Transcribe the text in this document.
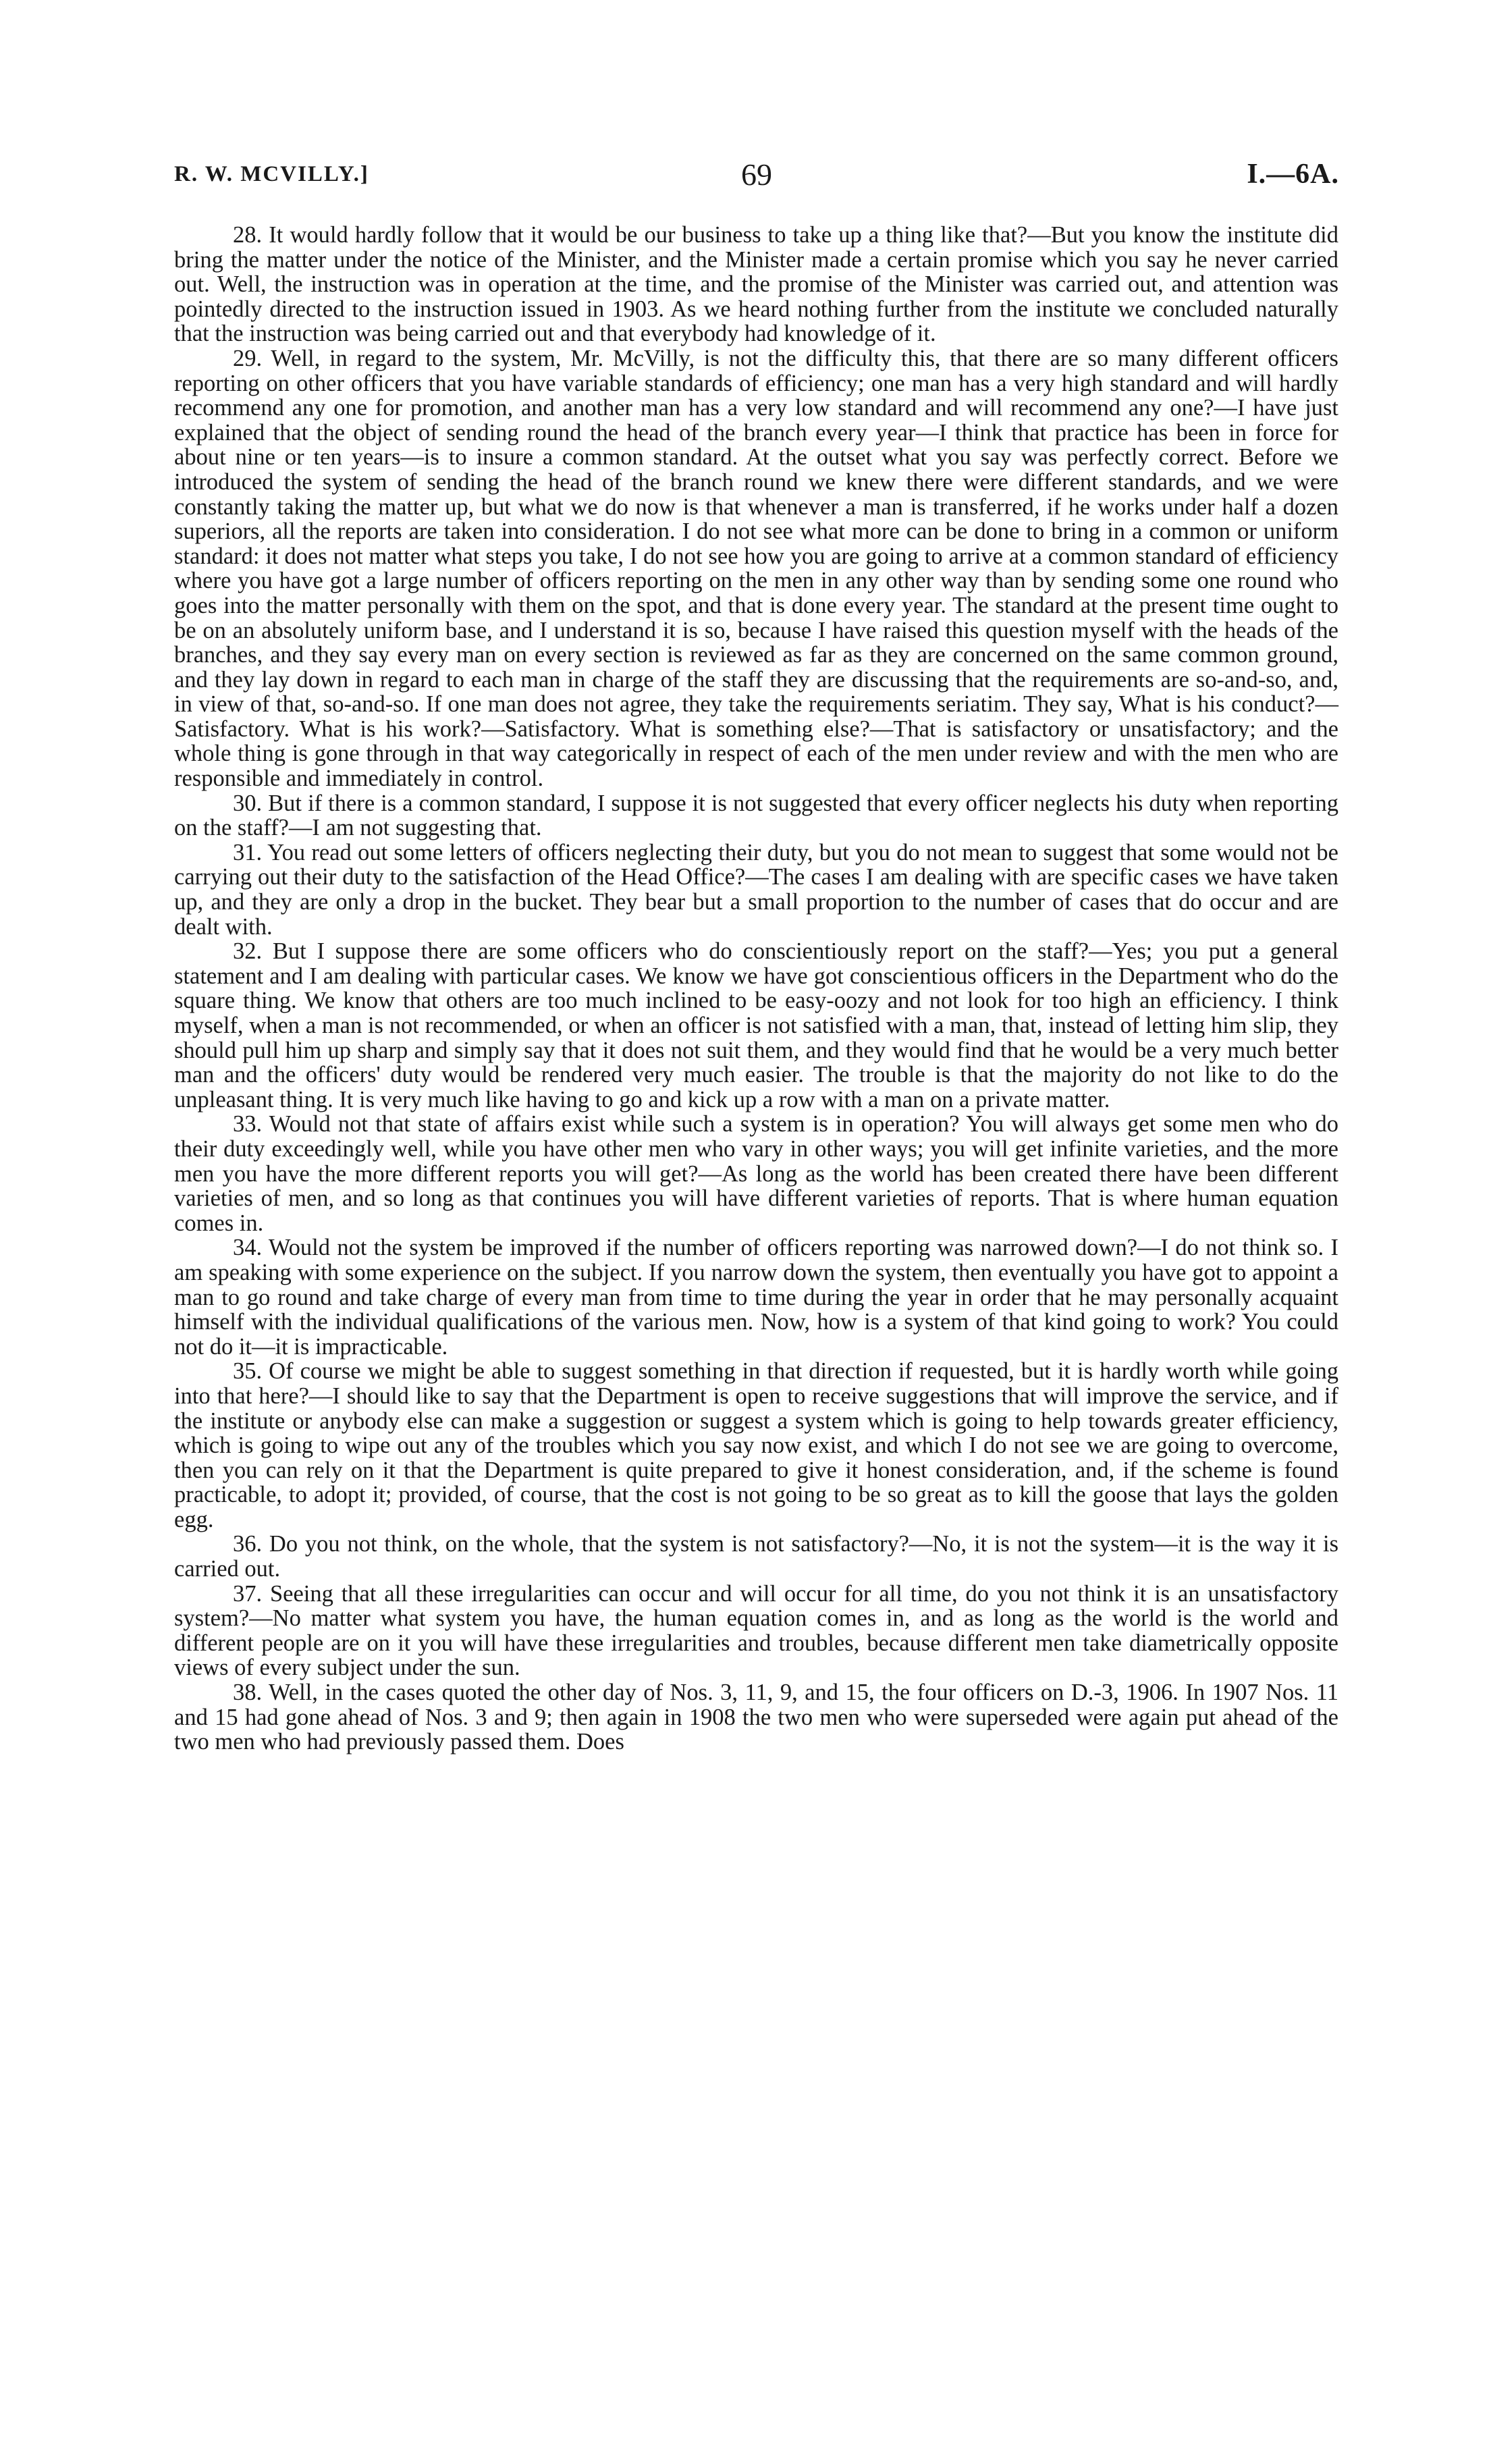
R. W. MCVILLY.]	69	I.—6A.

28. It would hardly follow that it would be our business to take up a thing like that?—But you know the institute did bring the matter under the notice of the Minister, and the Minister made a certain promise which you say he never carried out. Well, the instruction was in operation at the time, and the promise of the Minister was carried out, and attention was pointedly directed to the instruction issued in 1903. As we heard nothing further from the institute we concluded naturally that the instruction was being carried out and that everybody had knowledge of it.

29. Well, in regard to the system, Mr. McVilly, is not the difficulty this, that there are so many different officers reporting on other officers that you have variable standards of efficiency; one man has a very high standard and will hardly recommend any one for promotion, and another man has a very low standard and will recommend any one?—I have just explained that the object of sending round the head of the branch every year—I think that practice has been in force for about nine or ten years—is to insure a common standard. At the outset what you say was perfectly correct. Before we introduced the system of sending the head of the branch round we knew there were different standards, and we were constantly taking the matter up, but what we do now is that whenever a man is transferred, if he works under half a dozen superiors, all the reports are taken into consideration. I do not see what more can be done to bring in a common or uniform standard: it does not matter what steps you take, I do not see how you are going to arrive at a common standard of efficiency where you have got a large number of officers reporting on the men in any other way than by sending some one round who goes into the matter personally with them on the spot, and that is done every year. The standard at the present time ought to be on an absolutely uniform base, and I understand it is so, because I have raised this question myself with the heads of the branches, and they say every man on every section is reviewed as far as they are concerned on the same common ground, and they lay down in regard to each man in charge of the staff they are discussing that the requirements are so-and-so, and, in view of that, so-and-so. If one man does not agree, they take the requirements seriatim. They say, What is his conduct?—Satisfactory. What is his work?—Satisfactory. What is something else?—That is satisfactory or unsatisfactory; and the whole thing is gone through in that way categorically in respect of each of the men under review and with the men who are responsible and immediately in control.

30. But if there is a common standard, I suppose it is not suggested that every officer neglects his duty when reporting on the staff?—I am not suggesting that.

31. You read out some letters of officers neglecting their duty, but you do not mean to suggest that some would not be carrying out their duty to the satisfaction of the Head Office?—The cases I am dealing with are specific cases we have taken up, and they are only a drop in the bucket. They bear but a small proportion to the number of cases that do occur and are dealt with.

32. But I suppose there are some officers who do conscientiously report on the staff?—Yes; you put a general statement and I am dealing with particular cases. We know we have got conscientious officers in the Department who do the square thing. We know that others are too much inclined to be easy-oozy and not look for too high an efficiency. I think myself, when a man is not recommended, or when an officer is not satisfied with a man, that, instead of letting him slip, they should pull him up sharp and simply say that it does not suit them, and they would find that he would be a very much better man and the officers' duty would be rendered very much easier. The trouble is that the majority do not like to do the unpleasant thing. It is very much like having to go and kick up a row with a man on a private matter.

33. Would not that state of affairs exist while such a system is in operation? You will always get some men who do their duty exceedingly well, while you have other men who vary in other ways; you will get infinite varieties, and the more men you have the more different reports you will get?—As long as the world has been created there have been different varieties of men, and so long as that continues you will have different varieties of reports. That is where human equation comes in.

34. Would not the system be improved if the number of officers reporting was narrowed down?—I do not think so. I am speaking with some experience on the subject. If you narrow down the system, then eventually you have got to appoint a man to go round and take charge of every man from time to time during the year in order that he may personally acquaint himself with the individual qualifications of the various men. Now, how is a system of that kind going to work? You could not do it—it is impracticable.

35. Of course we might be able to suggest something in that direction if requested, but it is hardly worth while going into that here?—I should like to say that the Department is open to receive suggestions that will improve the service, and if the institute or anybody else can make a suggestion or suggest a system which is going to help towards greater efficiency, which is going to wipe out any of the troubles which you say now exist, and which I do not see we are going to overcome, then you can rely on it that the Department is quite prepared to give it honest consideration, and, if the scheme is found practicable, to adopt it; provided, of course, that the cost is not going to be so great as to kill the goose that lays the golden egg.

36. Do you not think, on the whole, that the system is not satisfactory?—No, it is not the system—it is the way it is carried out.

37. Seeing that all these irregularities can occur and will occur for all time, do you not think it is an unsatisfactory system?—No matter what system you have, the human equation comes in, and as long as the world is the world and different people are on it you will have these irregularities and troubles, because different men take diametrically opposite views of every subject under the sun.

38. Well, in the cases quoted the other day of Nos. 3, 11, 9, and 15, the four officers on D.-3, 1906. In 1907 Nos. 11 and 15 had gone ahead of Nos. 3 and 9; then again in 1908 the two men who were superseded were again put ahead of the two men who had previously passed them. Does
